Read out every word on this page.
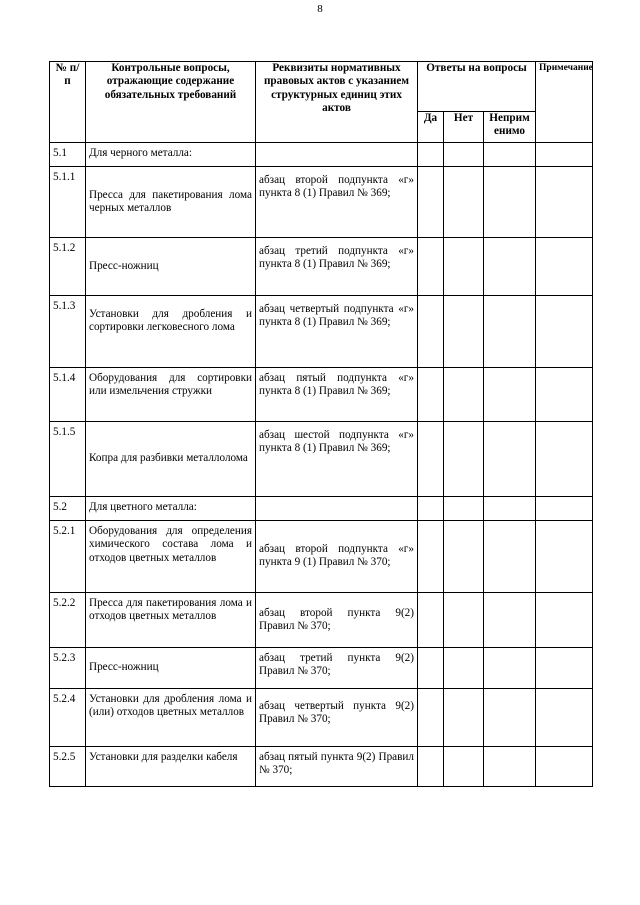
8
№ п/п	Контрольные вопросы, отражающие содержание обязательных требований	Реквизиты нормативных правовых актов с указанием структурных единиц этих актов	Ответы на вопросы			Примечание
			Да	Нет	Неприм енимо	
5.1	Для черного металла:					
5.1.1	Пресса для пакетирования лома черных металлов	абзац второй подпункта «г» пункта 8 (1) Правил № 369;				
5.1.2	Пресс-ножниц	абзац третий подпункта «г» пункта 8 (1) Правил № 369;				
5.1.3	Установки для дробления и сортировки легковесного лома	абзац четвертый подпункта «г» пункта 8 (1) Правил № 369;				
5.1.4	Оборудования для сортировки или измельчения стружки	абзац пятый подпункта «г» пункта 8 (1) Правил № 369;				
5.1.5	Копра для разбивки металлолома	абзац шестой подпункта «г» пункта 8 (1) Правил № 369;				
5.2	Для цветного металла:					
5.2.1	Оборудования для определения химического состава лома и отходов цветных металлов	абзац второй подпункта «г» пункта 9 (1) Правил № 370;				
5.2.2	Пресса для пакетирования лома и отходов цветных металлов	абзац второй пункта 9(2) Правил № 370;				
5.2.3	Пресс-ножниц	абзац третий пункта 9(2) Правил № 370;				
5.2.4	Установки для дробления лома и (или) отходов цветных металлов	абзац четвертый пункта 9(2) Правил № 370;				
5.2.5	Установки для разделки кабеля	абзац пятый пункта 9(2) Правил № 370;				
